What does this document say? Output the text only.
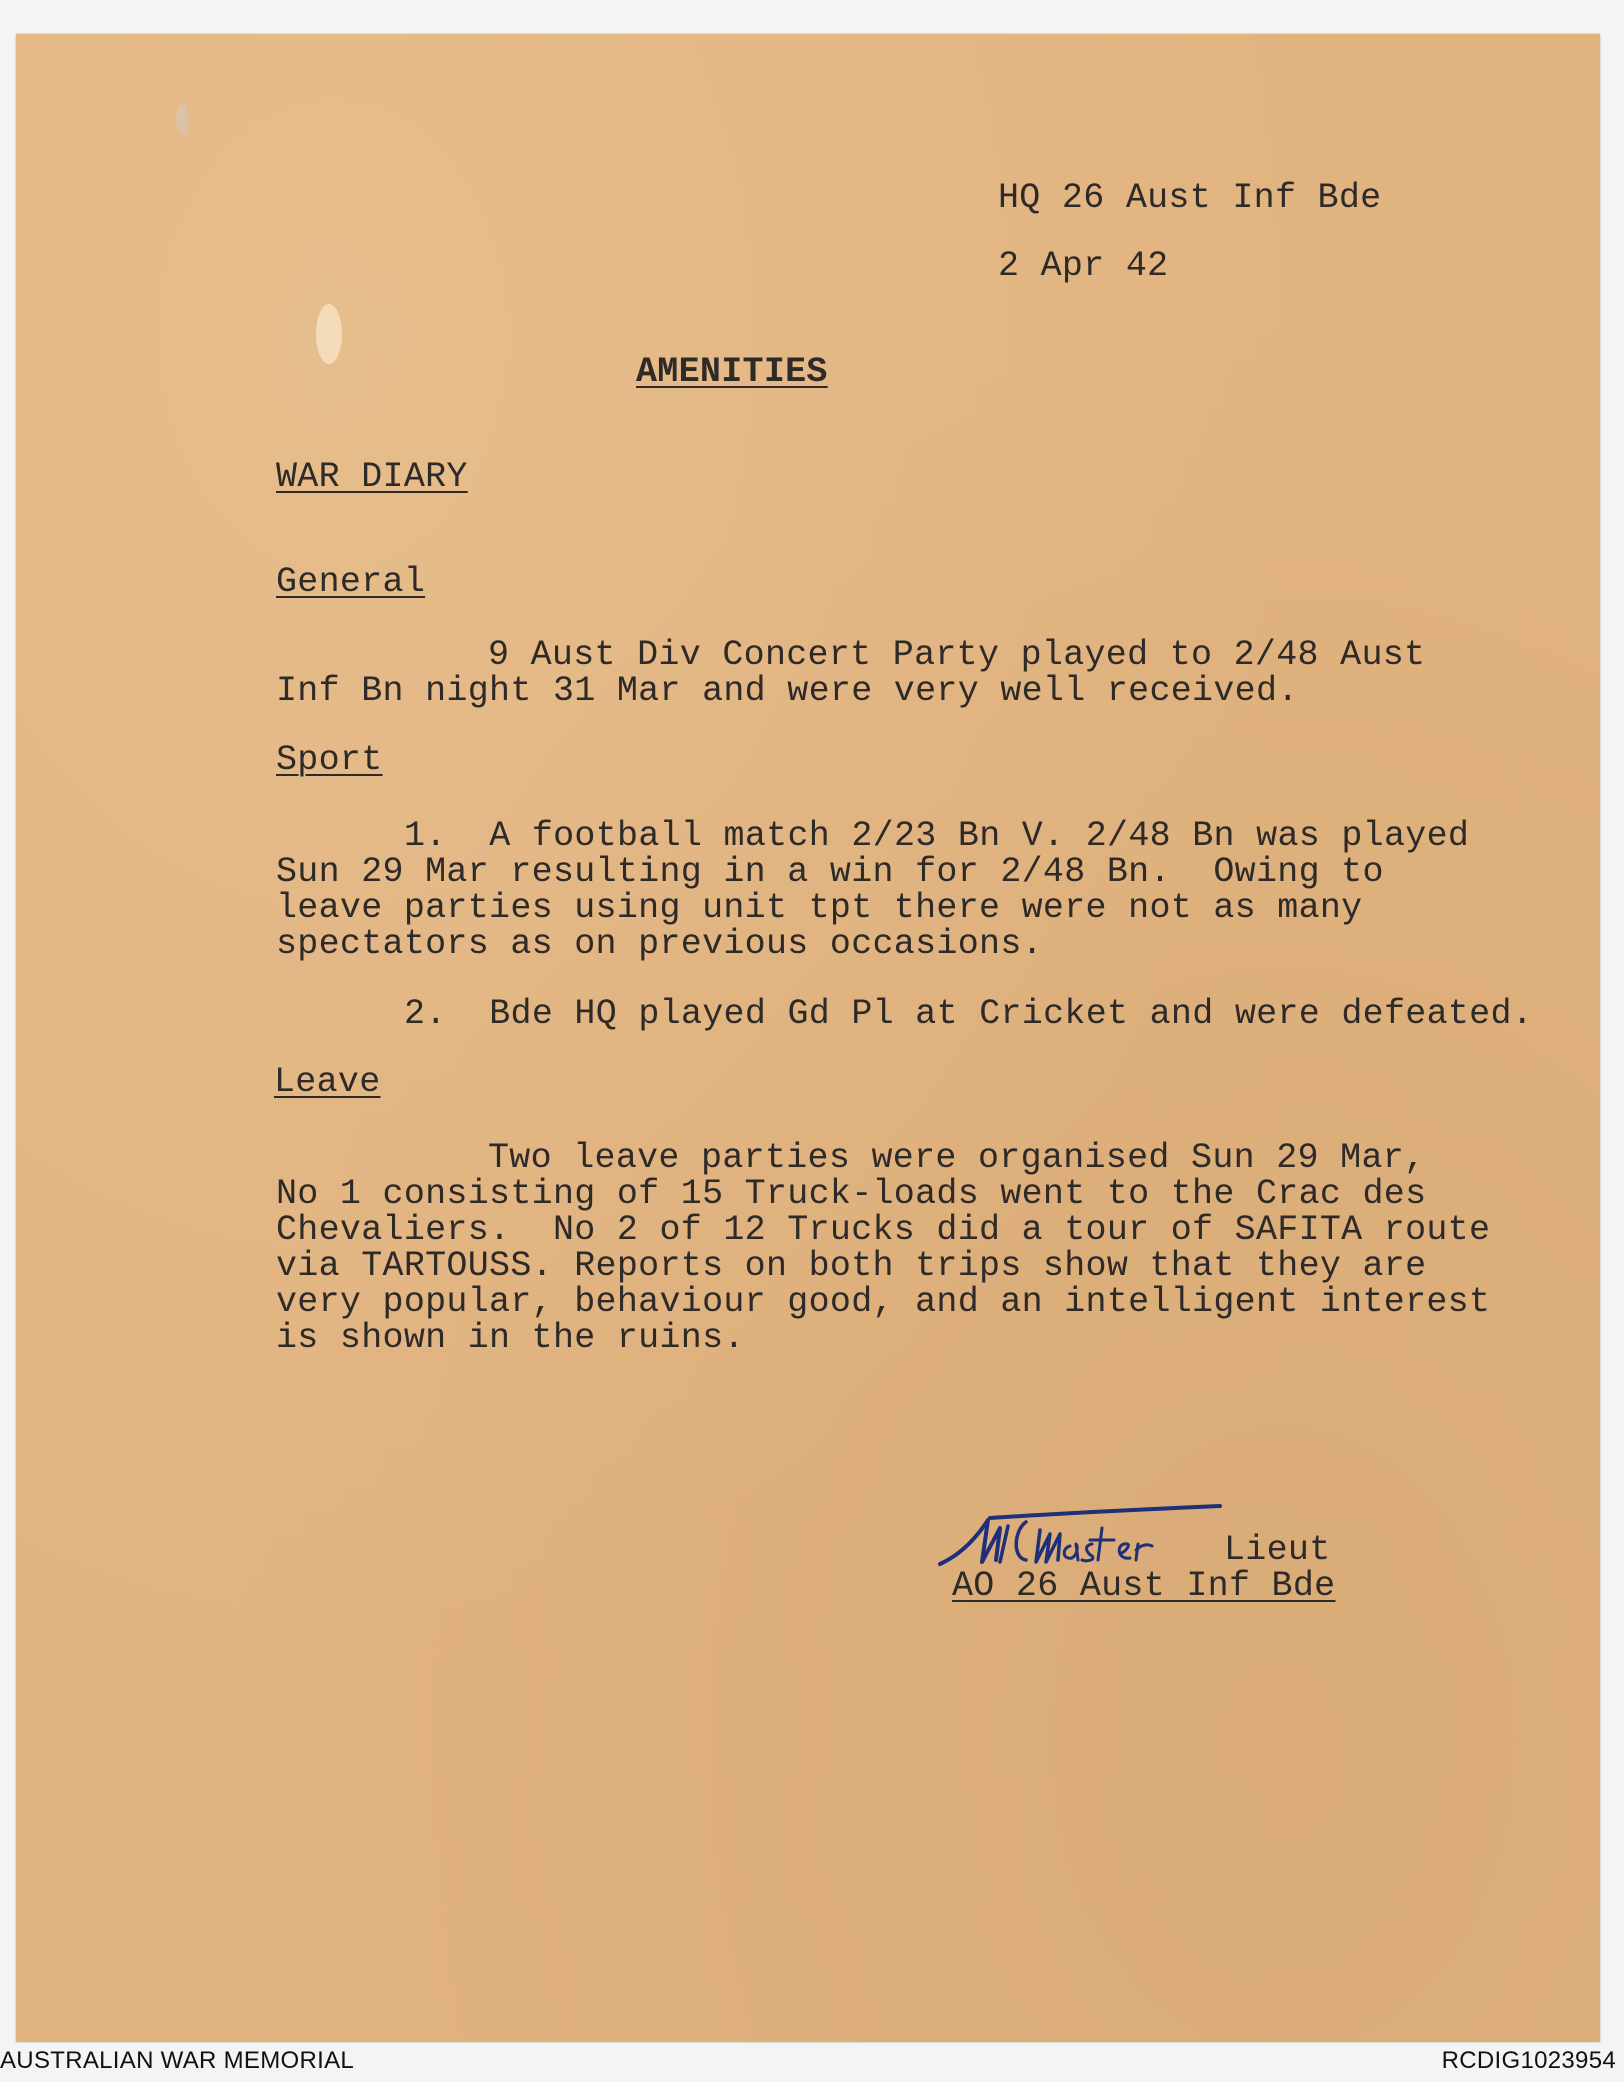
HQ 26 Aust Inf Bde

2 Apr 42

AMENITIES

WAR DIARY

General

9 Aust Div Concert Party played to 2/48 Aust
Inf Bn night 31 Mar and were very well received.

Sport

1.  A football match 2/23 Bn V. 2/48 Bn was played
Sun 29 Mar resulting in a win for 2/48 Bn.  Owing to
leave parties using unit tpt there were not as many
spectators as on previous occasions.

2.  Bde HQ played Gd Pl at Cricket and were defeated.

Leave

Two leave parties were organised Sun 29 Mar,
No 1 consisting of 15 Truck-loads went to the Crac des
Chevaliers.  No 2 of 12 Trucks did a tour of SAFITA route
via TARTOUSS. Reports on both trips show that they are
very popular, behaviour good, and an intelligent interest
is shown in the ruins.

Lieut

AO 26 Aust Inf Bde

AUSTRALIAN WAR MEMORIAL	RCDIG1023954
